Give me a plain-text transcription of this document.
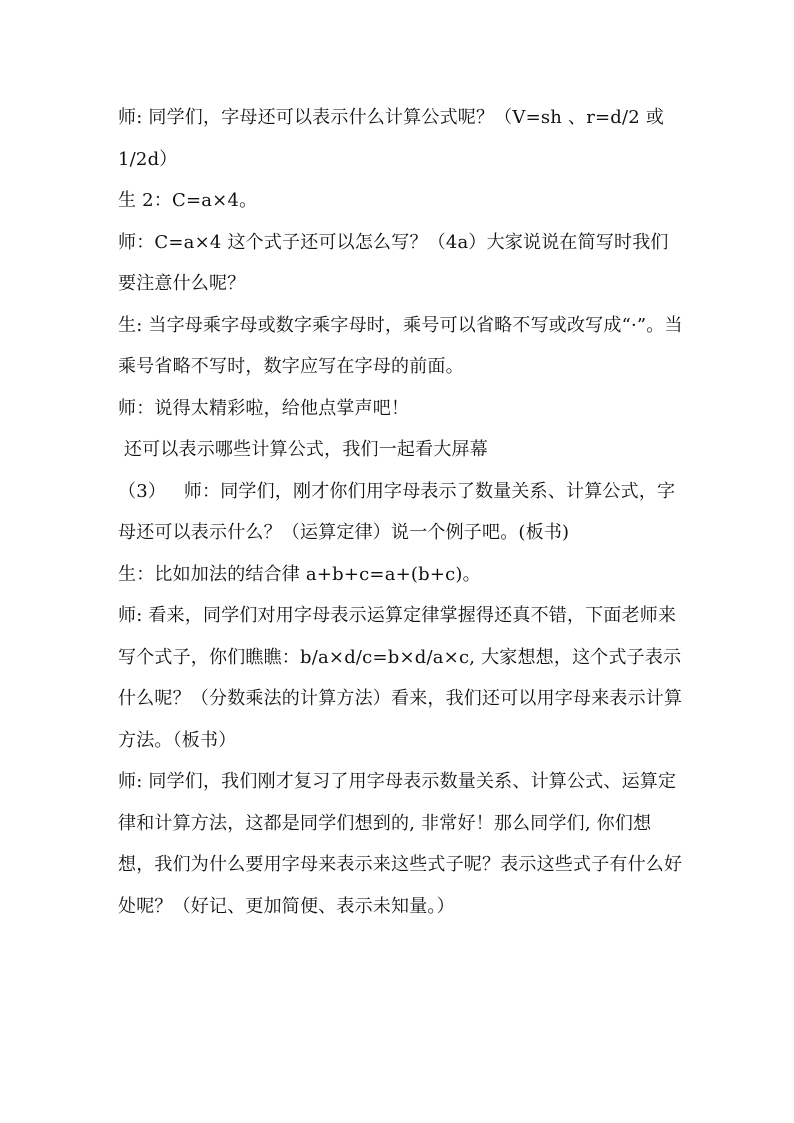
师: 同学们，字母还可以表示什么计算公式呢？（V=sh 、r=d/2 或 1/2d）

生 2：C=a×4。

师：C=a×4 这个式子还可以怎么写？（4a）大家说说在简写时我们要注意什么呢？

生: 当字母乘字母或数字乘字母时，乘号可以省略不写或改写成“·”。当乘号省略不写时，数字应写在字母的前面。

师：说得太精彩啦，给他点掌声吧！

还可以表示哪些计算公式，我们一起看大屏幕

（3）   师：同学们，刚才你们用字母表示了数量关系、计算公式，字母还可以表示什么？（运算定律）说一个例子吧。(板书)

生：比如加法的结合律 a+b+c=a+(b+c)。

师: 看来，同学们对用字母表示运算定律掌握得还真不错，下面老师来写个式子，你们瞧瞧：b/a×d/c=b×d/a×c, 大家想想，这个式子表示什么呢？（分数乘法的计算方法）看来，我们还可以用字母来表示计算方法。（板书）

师: 同学们，我们刚才复习了用字母表示数量关系、计算公式、运算定律和计算方法，这都是同学们想到的, 非常好！那么同学们, 你们想想，我们为什么要用字母来表示来这些式子呢？表示这些式子有什么好处呢？（好记、更加简便、表示未知量。）
